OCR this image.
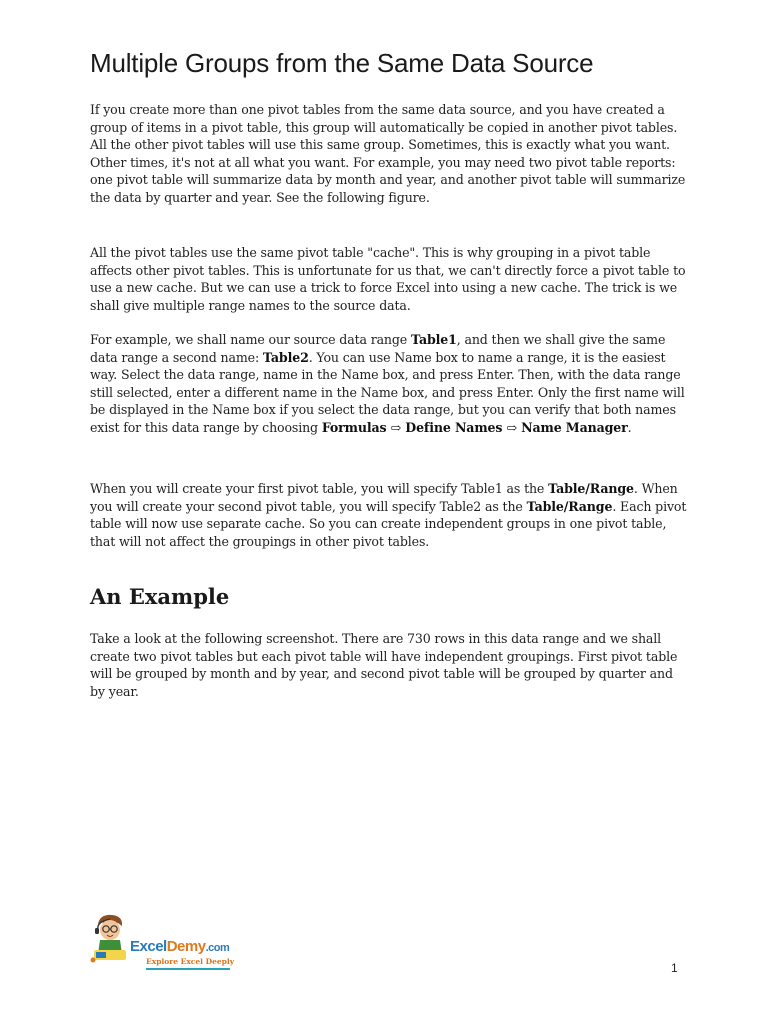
Multiple Groups from the Same Data Source

If you create more than one pivot tables from the same data source, and you have created a group of items in a pivot table, this group will automatically be copied in another pivot tables. All the other pivot tables will use this same group. Sometimes, this is exactly what you want. Other times, it's not at all what you want. For example, you may need two pivot table reports: one pivot table will summarize data by month and year, and another pivot table will summarize the data by quarter and year. See the following figure.

All the pivot tables use the same pivot table "cache". This is why grouping in a pivot table affects other pivot tables. This is unfortunate for us that, we can't directly force a pivot table to use a new cache. But we can use a trick to force Excel into using a new cache. The trick is we shall give multiple range names to the source data.

For example, we shall name our source data range Table1, and then we shall give the same data range a second name: Table2. You can use Name box to name a range, it is the easiest way. Select the data range, name in the Name box, and press Enter. Then, with the data range still selected, enter a different name in the Name box, and press Enter. Only the first name will be displayed in the Name box if you select the data range, but you can verify that both names exist for this data range by choosing Formulas ⇨ Define Names ⇨ Name Manager.

When you will create your first pivot table, you will specify Table1 as the Table/Range. When you will create your second pivot table, you will specify Table2 as the Table/Range. Each pivot table will now use separate cache. So you can create independent groups in one pivot table, that will not affect the groupings in other pivot tables.

An Example

Take a look at the following screenshot. There are 730 rows in this data range and we shall create two pivot tables but each pivot table will have independent groupings. First pivot table will be grouped by month and by year, and second pivot table will be grouped by quarter and by year.

ExcelDemy.com
Explore Excel Deeply	1
